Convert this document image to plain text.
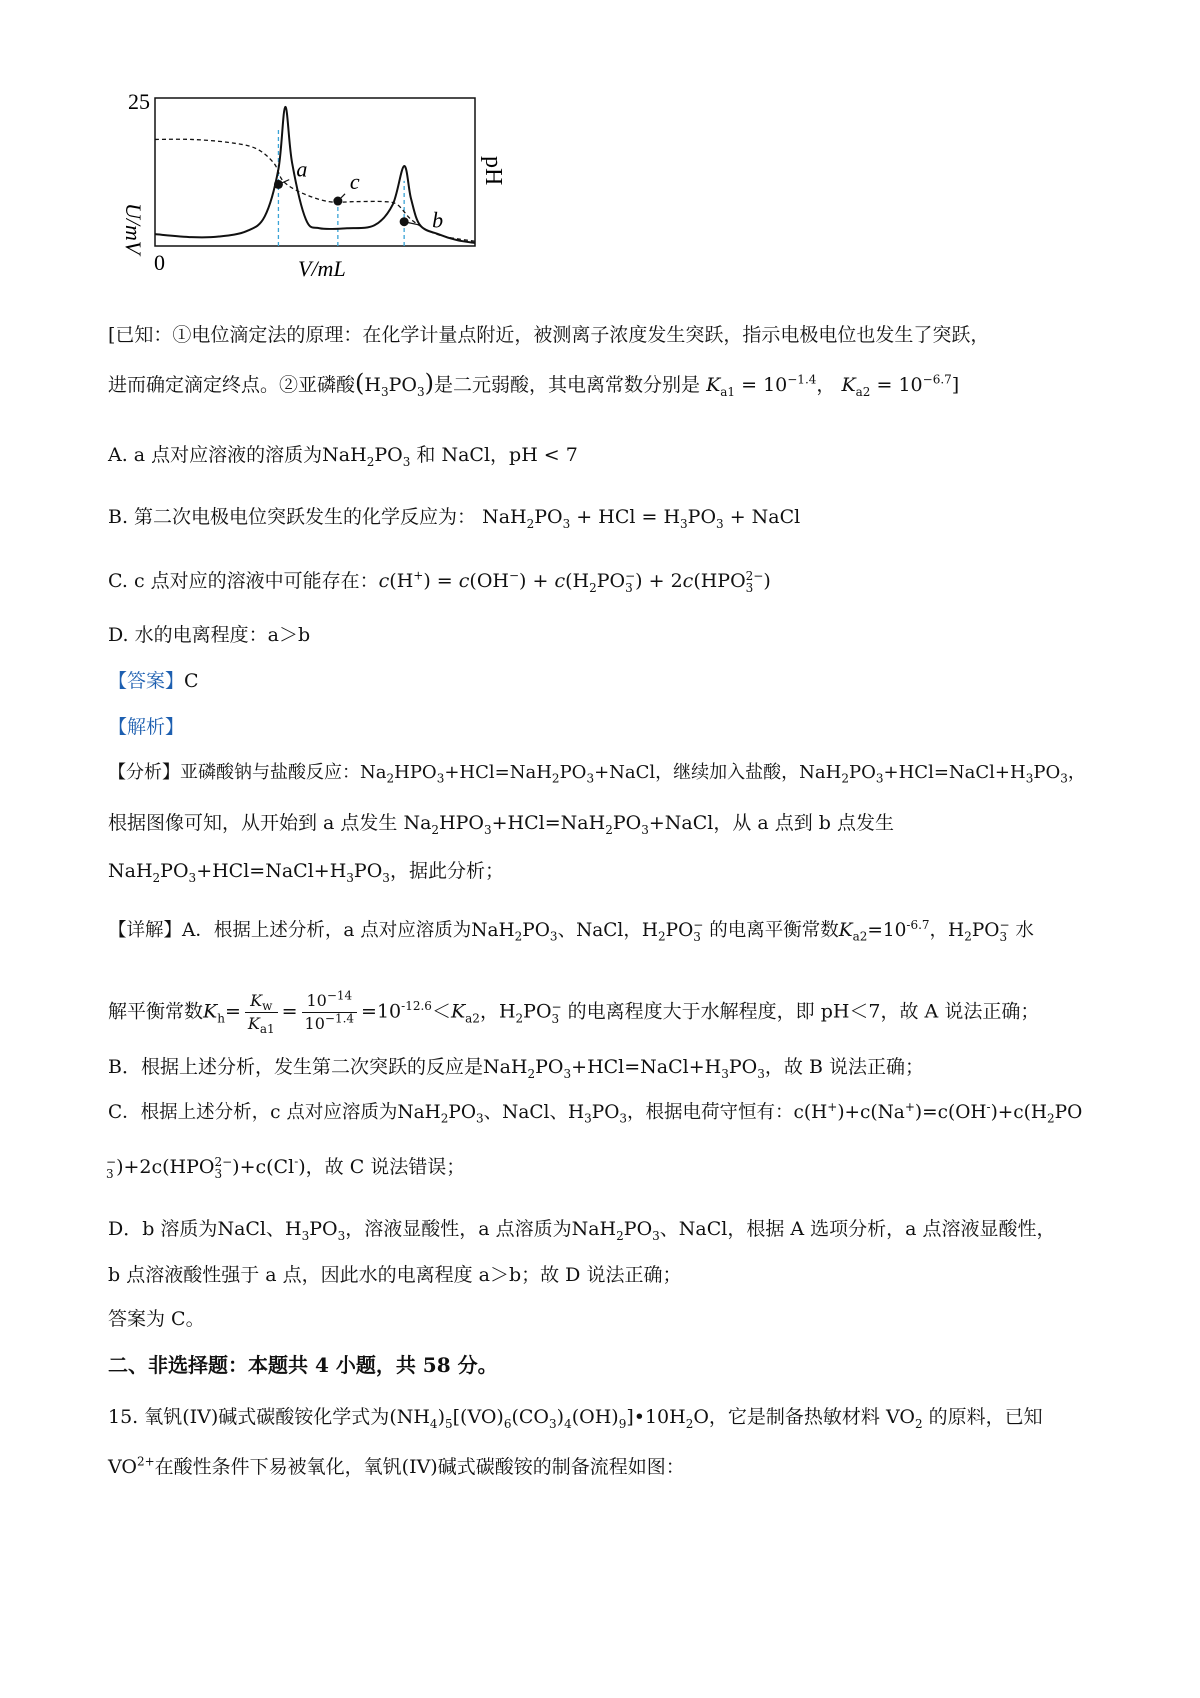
a
c
b
25
0	V/mL
U/mV
pH
[已知：①电位滴定法的原理：在化学计量点附近，被测离子浓度发生突跃，指示电极电位也发生了突跃，
进而确定滴定终点。②亚磷酸$(H_3PO_3)$是二元弱酸，其电离常数分别是 $K_{a1} = 10^{-1.4}$， $K_{a2} = 10^{-6.7}$]
A. a 点对应溶液的溶质为$NaH_2PO_3$ 和 NaCl，pH < 7
B. 第二次电极电位突跃发生的化学反应为： $NaH_2PO_3$ + HCl = $H_3PO_3$ + NaCl
C. c 点对应的溶液中可能存在：$c(H^+) = c(OH^-) + c(H_2PO$ −
3 ) + 2c(HPO 2−
3 )
D. 水的电离程度：a＞b
【答案】C
【解析】
【分析】亚磷酸钠与盐酸反应：$Na_2HPO_3+HCl=NaH_2PO_3+NaCl$，继续加入盐酸，$NaH_2PO_3+HCl=NaCl+H_3PO_3$，
根据图像可知，从开始到 a 点发生 $Na_2HPO_3+HCl=NaH_2PO_3+NaCl$，从 a 点到 b 点发生
$NaH_2PO_3+HCl=NaCl+H_3PO_3$，据此分析；
【详解】A．根据上述分析，a 点对应溶质为$NaH_2PO_3$、NaCl，$H_2PO$ −
3 的电离平衡常数$K_{a2}=10^{-6.7}$，$H_2PO$ −
3 水
解平衡常数$K_h= \frac{K_w}{K_{a1}} = \frac{10^{-14}}{10^{-1.4}} =10^{-12.6}<K_{a2}$，$H_2PO$ −
3 的电离程度大于水解程度，即 pH＜7，故 A 说法正确；
B．根据上述分析，发生第二次突跃的反应是$NaH_2PO_3+HCl=NaCl+H_3PO_3$，故 B 说法正确；
C．根据上述分析，c 点对应溶质为$NaH_2PO_3$、NaCl、$H_3PO_3$，根据电荷守恒有：$c(H^+)+c(Na^+)=c(OH^-)+c(H_2PO$
−
3 )+2c(HPO 2−
3 )+c(Cl-)，故 C 说法错误；
D．b 溶质为NaCl、$H_3PO_3$，溶液显酸性，a 点溶质为$NaH_2PO_3$、NaCl，根据 A 选项分析，a 点溶液显酸性，
b 点溶液酸性强于 a 点，因此水的电离程度 a＞b；故 D 说法正确；
答案为 C。
二、非选择题：本题共 4 小题，共 58 分。
15. 氧钒(IV)碱式碳酸铵化学式为$(NH_4)_5[(VO)_6(CO_3)_4(OH)_9]•10H_2O$，它是制备热敏材料 $VO_2$ 的原料，已知
$VO^{2+}$在酸性条件下易被氧化，氧钒(IV)碱式碳酸铵的制备流程如图：
